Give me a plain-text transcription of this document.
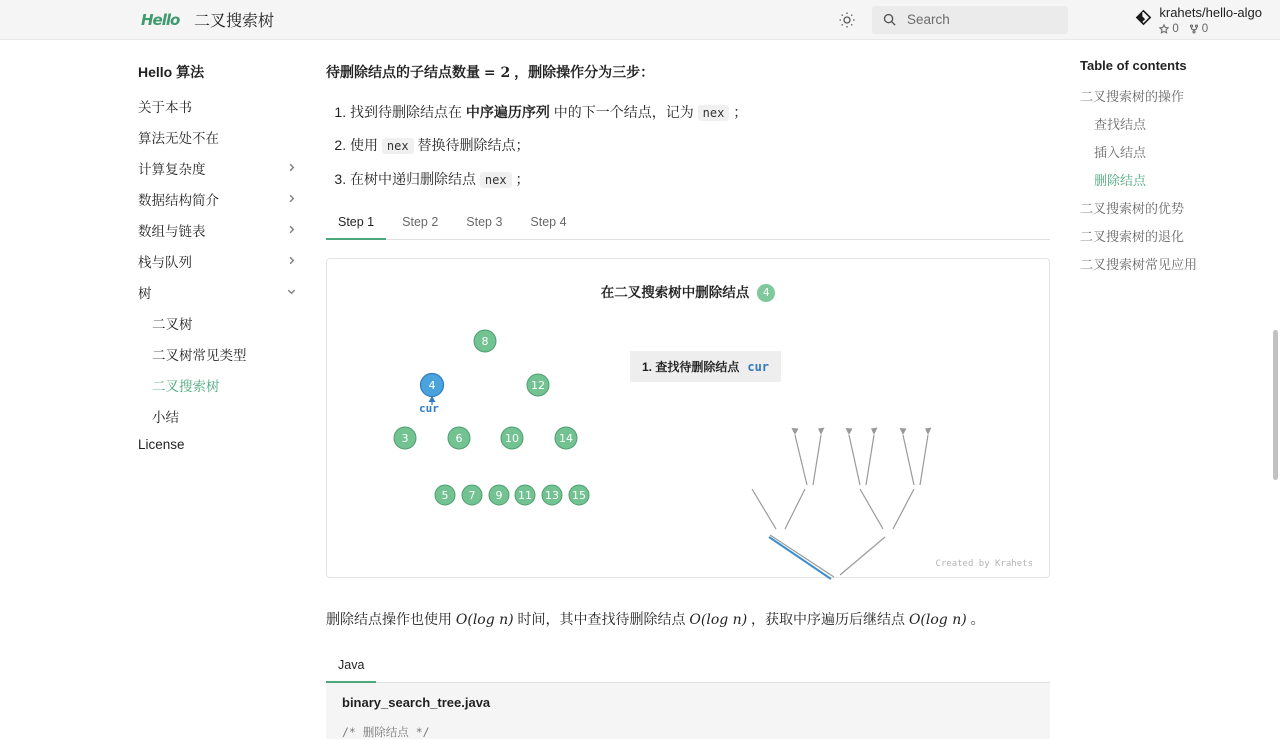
Hello 二叉搜索树
Search
krahets/hello-algo
0 0
Hello 算法
关于本书
算法无处不在
计算复杂度
数据结构简介
数组与链表
栈与队列
树
二叉树
二叉树常见类型
二叉搜索树
小结
License

待删除结点的子结点数量 = 2 ，删除操作分为三步：

1. 找到待删除结点在 中序遍历序列 中的下一个结点，记为 nex ；
2. 使用 nex 替换待删除结点；
3. 在树中递归删除结点 nex ；
Step 1	Step 2	Step 3	Step 4
在二叉搜索树中删除结点 4
8
4	12
3	6	10	14
5 7 9 11 13 15
cur
1. 查找待删除结点 cur
Created by Krahets

删除结点操作也使用 O(log n) 时间，其中查找待删除结点 O(log n) ，获取中序遍历后继结点 O(log n) 。

Java
binary_search_tree.java
/* 删除结点 */
Table of contents
二叉搜索树的操作
查找结点
插入结点
删除结点
二叉搜索树的优势
二叉搜索树的退化
二叉搜索树常见应用
